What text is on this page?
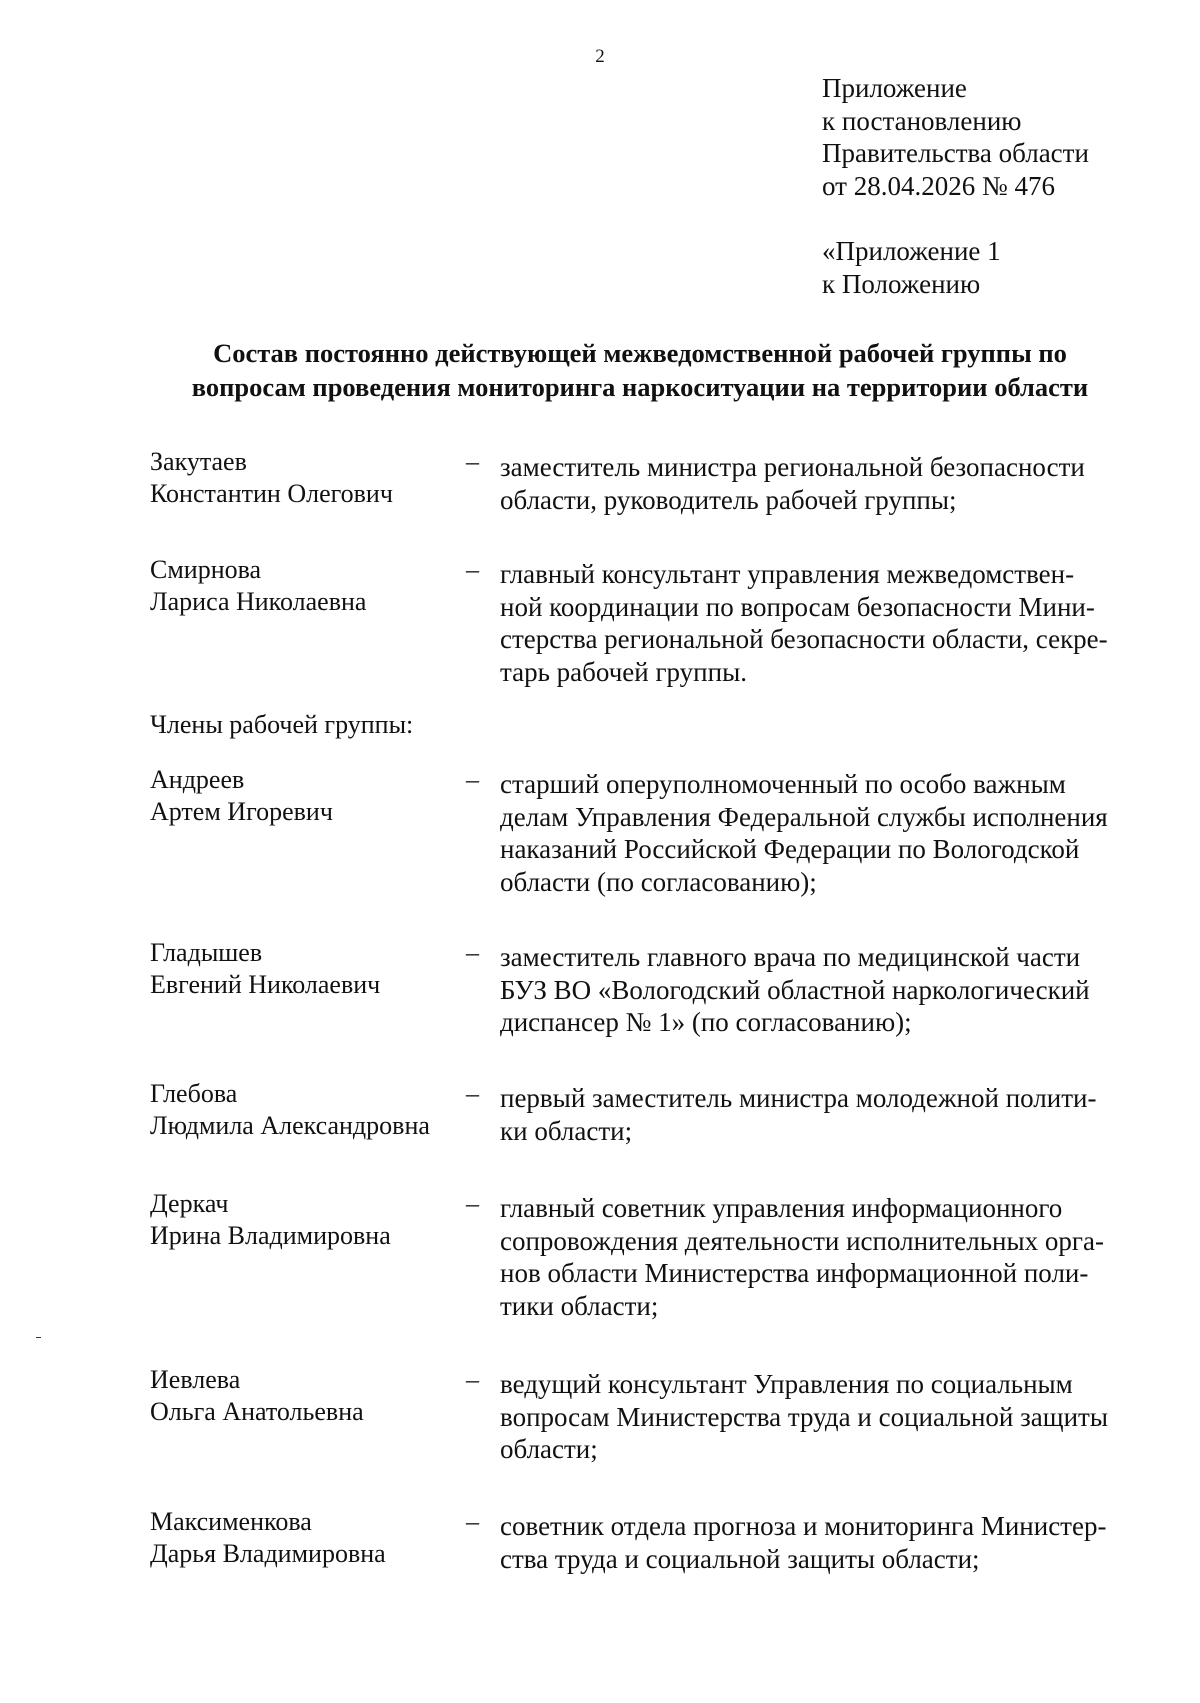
2
Приложение
к постановлению
Правительства области
от 28.04.2026 № 476
«Приложение 1
к Положению
Состав постоянно действующей межведомственной рабочей группы по
вопросам проведения мониторинга наркоситуации на территории области
Закутаев
Константин Олегович
– заместитель министра региональной безопасности
области, руководитель рабочей группы;
Смирнова
Лариса Николаевна
– главный консультант управления межведомствен-
ной координации по вопросам безопасности Мини-
стерства региональной безопасности области, секре-
тарь рабочей группы.
Члены рабочей группы:
Андреев
Артем Игоревич
– старший оперуполномоченный по особо важным
делам Управления Федеральной службы исполнения
наказаний Российской Федерации по Вологодской
области (по согласованию);
Гладышев
Евгений Николаевич
– заместитель главного врача по медицинской части
БУЗ ВО «Вологодский областной наркологический
диспансер № 1» (по согласованию);
Глебова
Людмила Александровна
– первый заместитель министра молодежной полити-
ки области;
Деркач
Ирина Владимировна
– главный советник управления информационного
сопровождения деятельности исполнительных орга-
нов области Министерства информационной поли-
тики области;
Иевлева
Ольга Анатольевна
– ведущий консультант Управления по социальным
вопросам Министерства труда и социальной защиты
области;
Максименкова
Дарья Владимировна
– советник отдела прогноза и мониторинга Министер-
ства труда и социальной защиты области;
